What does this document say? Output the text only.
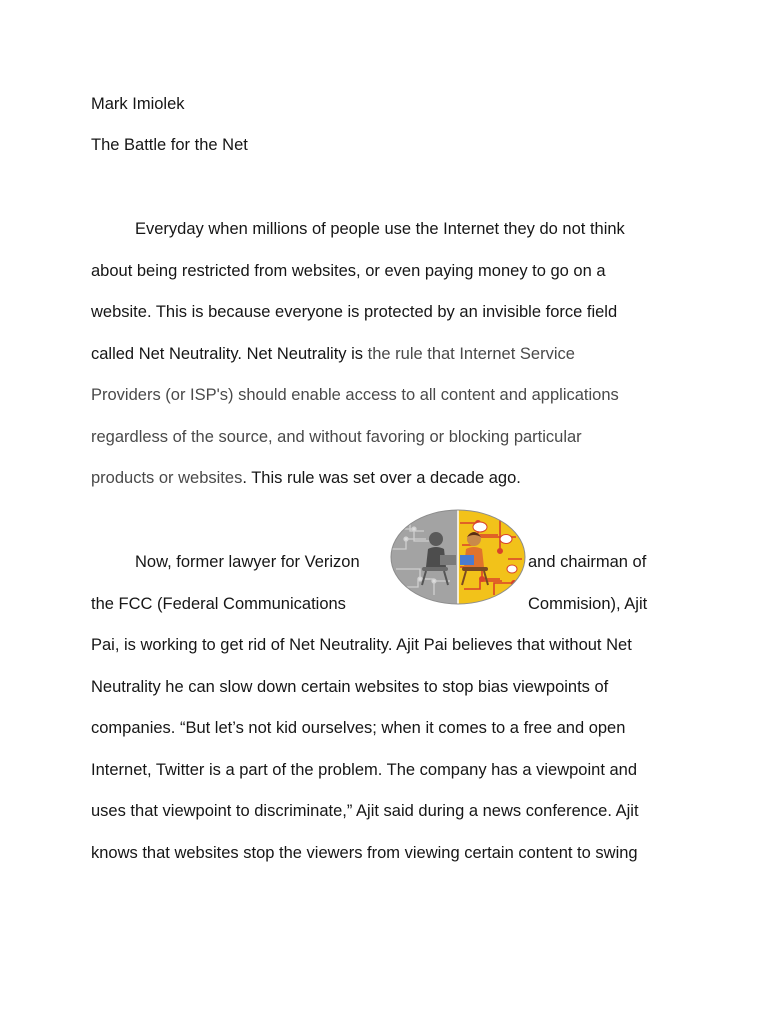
Mark Imiolek
The Battle for the Net
Everyday when millions of people use the Internet they do not think
about being restricted from websites, or even paying money to go on a
website. This is because everyone is protected by an invisible force field
called Net Neutrality. Net Neutrality is the rule that Internet Service
Providers (or ISP's) should enable access to all content and applications
regardless of the source, and without favoring or blocking particular
products or websites. This rule was set over a decade ago.
Now, former lawyer for Verizon	and chairman of
the FCC (Federal Communications	Commision), Ajit
Pai, is working to get rid of Net Neutrality. Ajit Pai believes that without Net
Neutrality he can slow down certain websites to stop bias viewpoints of
companies. “But let’s not kid ourselves; when it comes to a free and open
Internet, Twitter is a part of the problem. The company has a viewpoint and
uses that viewpoint to discriminate,” Ajit said during a news conference. Ajit
knows that websites stop the viewers from viewing certain content to swing
